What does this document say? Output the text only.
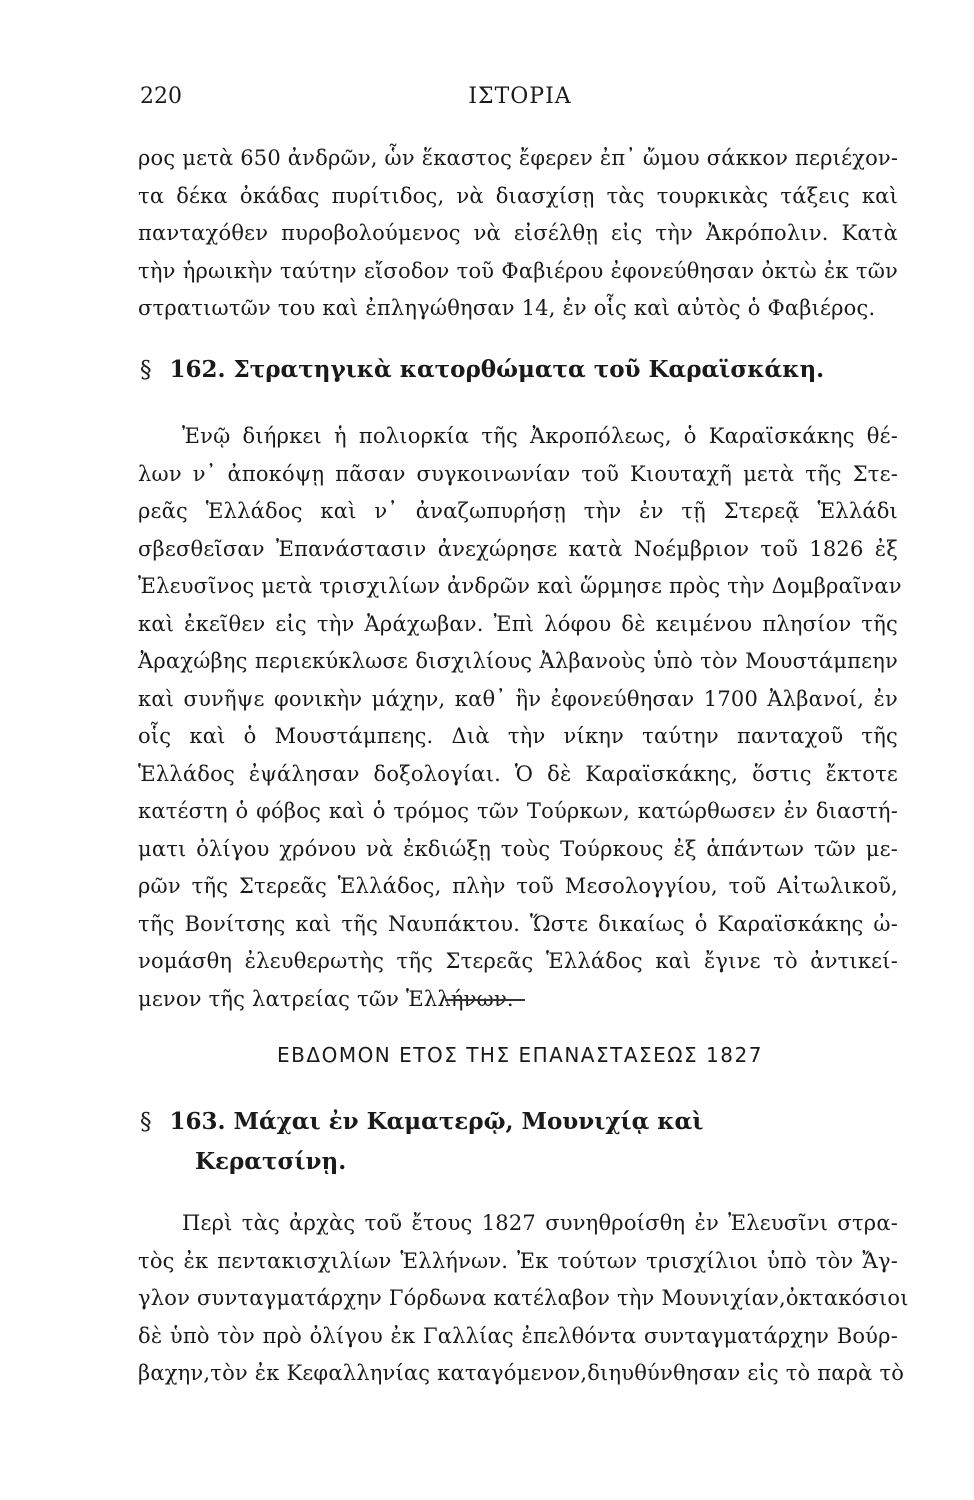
220	ΙΣΤΟΡΙΑ
ρος μετὰ 650 ἀνδρῶν, ὧν ἕκαστος ἔφερεν ἐπ᾽ ὤμου σάκκον περιέχον-
τα δέκα ὀκάδας πυρίτιδος, νὰ διασχίσῃ τὰς τουρκικὰς τάξεις καὶ
πανταχόθεν πυροβολούμενος νὰ εἰσέλθῃ εἰς τὴν Ἀκρόπολιν. Κατὰ
τὴν ἡρωικὴν ταύτην εἴσοδον τοῦ Φαβιέρου ἐφονεύθησαν ὀκτὼ ἐκ τῶν
στρατιωτῶν του καὶ ἐπληγώθησαν 14, ἐν οἷς καὶ αὐτὸς ὁ Φαβιέρος.
§ 162. Στρατηγικὰ κατορθώματα τοῦ Καραϊσκάκη.
Ἐνῷ διήρκει ἡ πολιορκία τῆς Ἀκροπόλεως, ὁ Καραϊσκάκης θέ-
λων ν᾽ ἀποκόψῃ πᾶσαν συγκοινωνίαν τοῦ Κιουταχῆ μετὰ τῆς Στε-
ρεᾶς Ἑλλάδος καὶ ν᾽ ἀναζωπυρήσῃ τὴν ἐν τῇ Στερεᾷ Ἑλλάδι
σβεσθεῖσαν Ἐπανάστασιν ἀνεχώρησε κατὰ Νοέμβριον τοῦ 1826 ἐξ
Ἐλευσῖνος μετὰ τρισχιλίων ἀνδρῶν καὶ ὥρμησε πρὸς τὴν Δομβραῖναν
καὶ ἐκεῖθεν εἰς τὴν Ἀράχωβαν. Ἐπὶ λόφου δὲ κειμένου πλησίον τῆς
Ἀραχώβης περιεκύκλωσε δισχιλίους Ἀλβανοὺς ὑπὸ τὸν Μουστάμπεην
καὶ συνῆψε φονικὴν μάχην, καθ᾽ ἣν ἐφονεύθησαν 1700 Ἀλβανοί, ἐν
οἷς καὶ ὁ Μουστάμπεης. Διὰ τὴν νίκην ταύτην πανταχοῦ τῆς
Ἑλλάδος ἐψάλησαν δοξολογίαι. Ὁ δὲ Καραϊσκάκης, ὅστις ἔκτοτε
κατέστη ὁ φόβος καὶ ὁ τρόμος τῶν Τούρκων, κατώρθωσεν ἐν διαστή-
ματι ὀλίγου χρόνου νὰ ἐκδιώξῃ τοὺς Τούρκους ἐξ ἁπάντων τῶν με-
ρῶν τῆς Στερεᾶς Ἑλλάδος, πλὴν τοῦ Μεσολογγίου, τοῦ Αἰτωλικοῦ,
τῆς Βονίτσης καὶ τῆς Ναυπάκτου. Ὥστε δικαίως ὁ Καραϊσκάκης ὠ-
νομάσθη ἐλευθερωτὴς τῆς Στερεᾶς Ἑλλάδος καὶ ἔγινε τὸ ἀντικεί-
μενον τῆς λατρείας τῶν Ἑλλήνων.
ΕΒΔΟΜΟΝ ΕΤΟΣ ΤΗΣ ΕΠΑΝΑΣΤΑΣΕΩΣ 1827
§ 163. Μάχαι ἐν Καματερῷ, Μουνιχίᾳ καὶ
Κερατσίνῃ.
Περὶ τὰς ἀρχὰς τοῦ ἔτους 1827 συνηθροίσθη ἐν Ἐλευσῖνι στρα-
τὸς ἐκ πεντακισχιλίων Ἑλλήνων. Ἐκ τούτων τρισχίλιοι ὑπὸ τὸν Ἄγ-
γλον συνταγματάρχην Γόρδωνα κατέλαβον τὴν Μουνιχίαν,ὀκτακόσιοι
δὲ ὑπὸ τὸν πρὸ ὀλίγου ἐκ Γαλλίας ἐπελθόντα συνταγματάρχην Βούρ-
βαχην,τὸν ἐκ Κεφαλληνίας καταγόμενον,διηυθύνθησαν εἰς τὸ παρὰ τὸ
